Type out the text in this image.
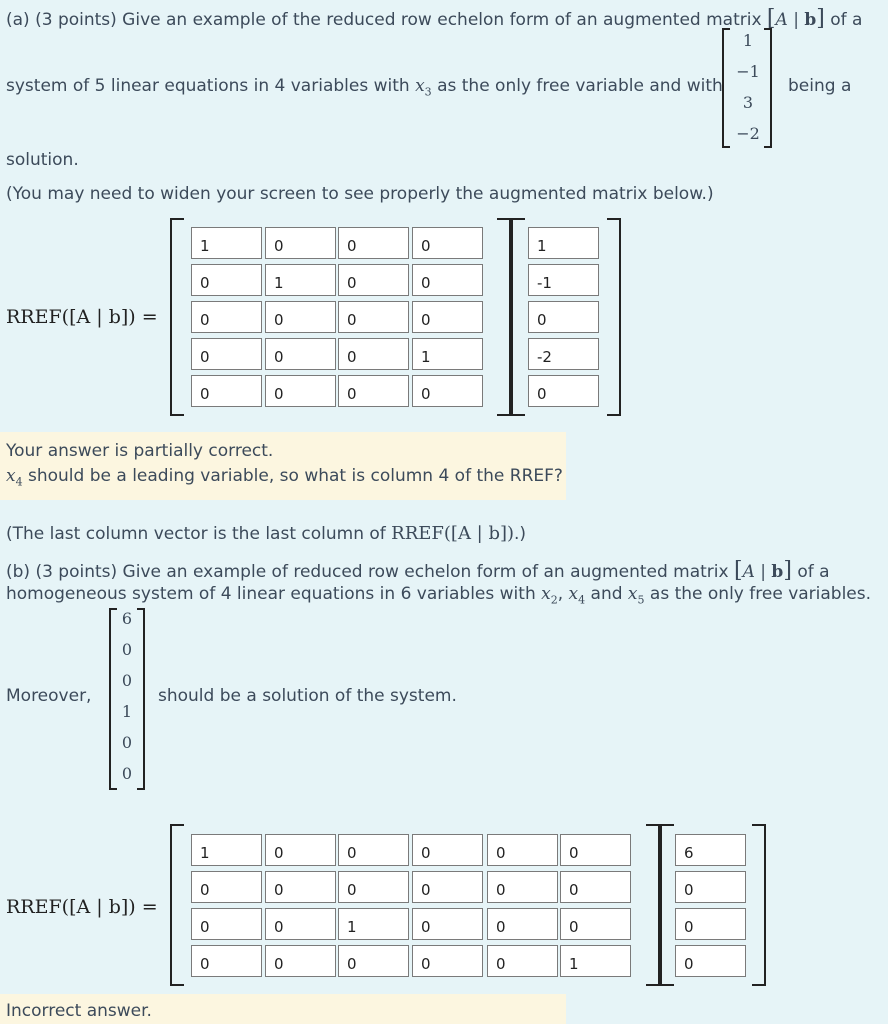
(a) (3 points) Give an example of the reduced row echelon form of an augmented matrix [A | b] of a
system of 5 linear equations in 4 variables with $x_3$ as the only free variable and with
1
−1
3
−2
being a
solution.
(You may need to widen your screen to see properly the augmented matrix below.)
RREF([A | b]) =
1
0
0
0
1
0
1
0
0
-1
0
0
0
0
0
0
0
0
1
-2
0
0
0
0
0
Your answer is partially correct.
$x_4$ should be a leading variable, so what is column 4 of the RREF?
(The last column vector is the last column of RREF([A | b]).)
(b) (3 points) Give an example of reduced row echelon form of an augmented matrix [A | b] of a
homogeneous system of 4 linear equations in 6 variables with $x_2$, $x_4$ and $x_5$ as the only free variables.
Moreover,
6
0
0
1
0
0
should be a solution of the system.
RREF([A | b]) =
1
0
0
0
0
0
6
0
0
0
0
0
0
0
0
0
1
0
0
0
0
0
0
0
0
0
1
0
Incorrect answer.
